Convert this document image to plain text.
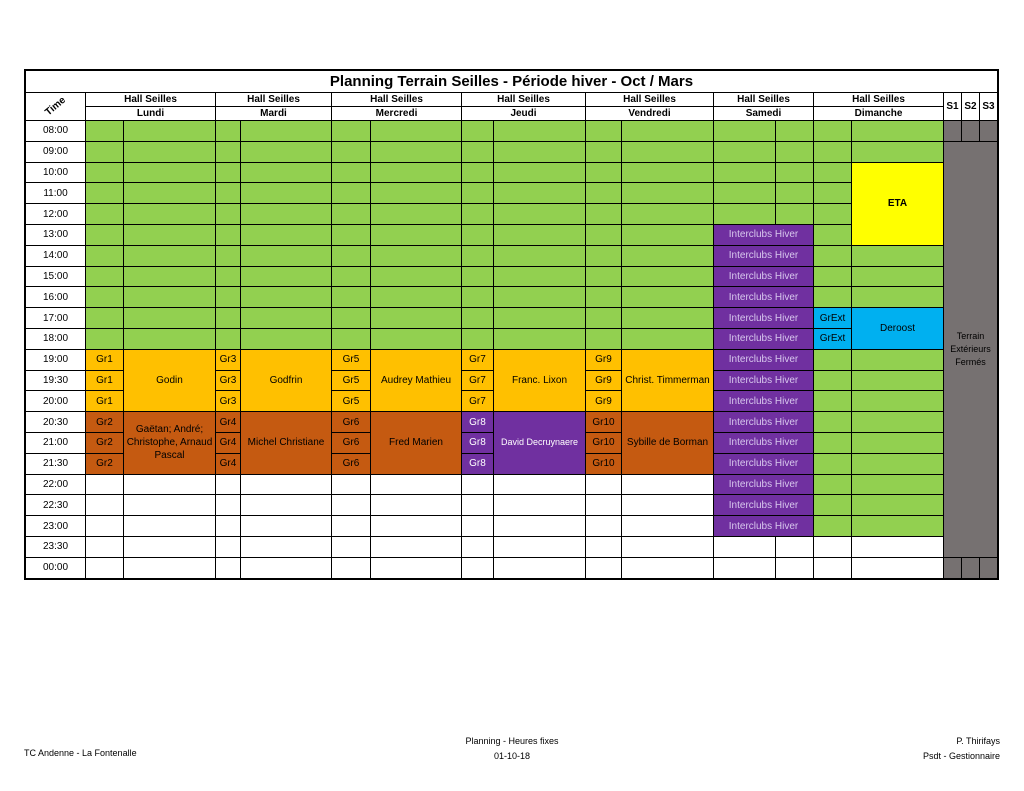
Planning Terrain Seilles - Période hiver - Oct / Mars
Time	Hall Seilles
Lundi
Hall Seilles
Mardi
Hall Seilles
Mercredi
Hall Seilles
Jeudi
Hall Seilles
Vendredi
Hall Seilles
Samedi
Hall Seilles
Dimanche
S1 S2 S3
08:00
09:00
10:00
11:00
12:00
13:00
14:00
15:00
16:00
17:00
18:00
19:00
19:30
20:00
20:30
21:00
21:30
22:00
22:30
23:00
23:30
00:00
Gr1
Gr1
Gr1
Godin
Gr2
Gr2
Gr2
Gaëtan; André; Christophe, Arnaud Pascal
Gr3
Gr3
Gr3
Godfrin
Gr4
Gr4
Gr4
Michel Christiane
Gr5
Gr5
Gr5
Audrey Mathieu
Gr6
Gr6
Gr6
Fred Marien
Gr7
Gr7
Gr7
Franc. Lixon
Gr8
Gr8
Gr8
David Decruynaere
Gr9
Gr9
Gr9
Christ. Timmerman
Gr10
Gr10
Gr10
Sybille de Borman
Interclubs Hiver
Interclubs Hiver
Interclubs Hiver
Interclubs Hiver
Interclubs Hiver
Interclubs Hiver
Interclubs Hiver
Interclubs Hiver
Interclubs Hiver
Interclubs Hiver
Interclubs Hiver
Interclubs Hiver
Interclubs Hiver
Interclubs Hiver
Interclubs Hiver
GrExt
GrExt
ETA
Deroost
Terrain Extérieurs Fermés
TC Andenne - La Fontenalle
Planning - Heures fixes
01-10-18
P. Thirifays
Psdt - Gestionnaire
